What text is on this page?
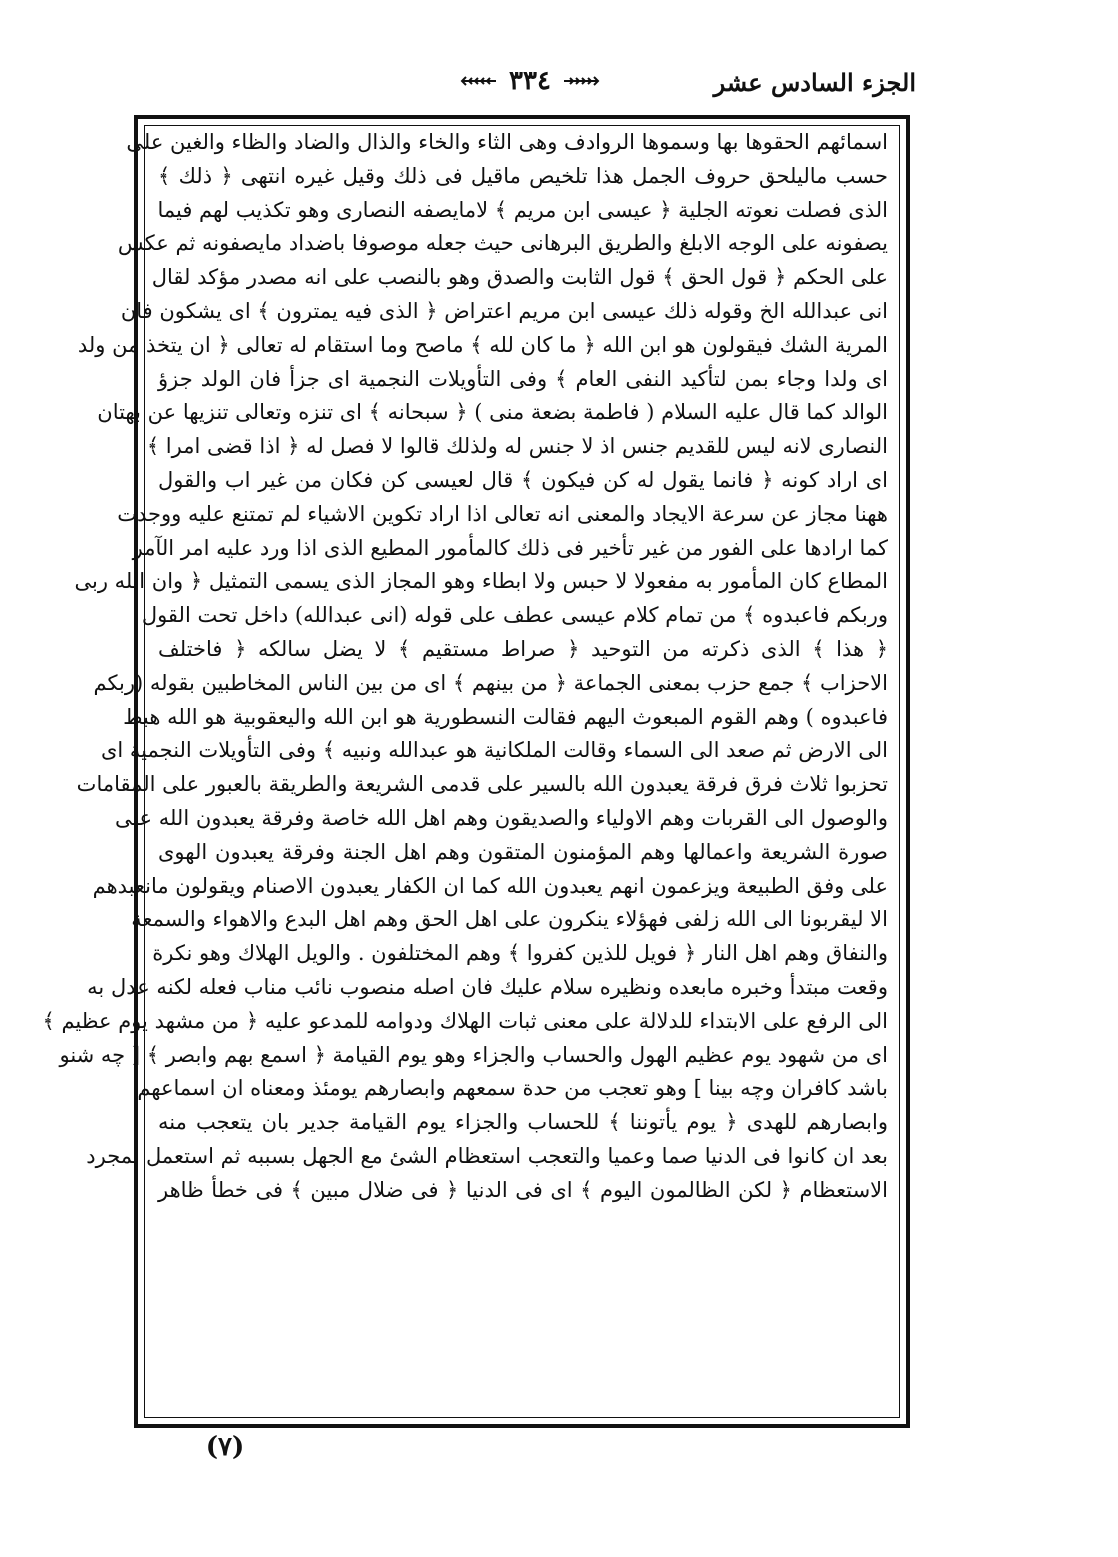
الجزء السادس عشر
٣٣٤
اسمائهم الحقوها بها وسموها الروادف وهى الثاء والخاء والذال والضاد والظاء والغين على
حسب ماليلحق حروف الجمل هذا تلخيص ماقيل فى ذلك وقيل غيره انتهى ﴿ ذلك ﴾
الذى فصلت نعوته الجلية ﴿ عيسى ابن مريم ﴾ لامايصفه النصارى وهو تكذيب لهم فيما
يصفونه على الوجه الابلغ والطريق البرهانى حيث جعله موصوفا باضداد مايصفونه ثم عكس
على الحكم ﴿ قول الحق ﴾ قول الثابت والصدق وهو بالنصب على انه مصدر مؤكد لقال
انى عبدالله الخ وقوله ذلك عيسى ابن مريم اعتراض ﴿ الذى فيه يمترون ﴾ اى يشكون فان
المرية الشك فيقولون هو ابن الله ﴿ ما كان لله ﴾ ماصح وما استقام له تعالى ﴿ ان يتخذ من ولد
اى ولدا وجاء بمن لتأكيد النفى العام ﴾ وفى التأويلات النجمية اى جزأ فان الولد جزؤ
الوالد كما قال عليه السلام ( فاطمة بضعة منى ) ﴿ سبحانه ﴾ اى تنزه وتعالى تنزيها عن بهتان
النصارى لانه ليس للقديم جنس اذ لا جنس له ولذلك قالوا لا فصل له ﴿ اذا قضى امرا ﴾
اى اراد كونه ﴿ فانما يقول له كن فيكون ﴾ قال لعيسى كن فكان من غير اب والقول
ههنا مجاز عن سرعة الايجاد والمعنى انه تعالى اذا اراد تكوين الاشياء لم تمتنع عليه ووجدت
كما ارادها على الفور من غير تأخير فى ذلك كالمأمور المطيع الذى اذا ورد عليه امر الآمر
المطاع كان المأمور به مفعولا لا حبس ولا ابطاء وهو المجاز الذى يسمى التمثيل ﴿ وان الله ربى
وربكم فاعبدوه ﴾ من تمام كلام عيسى عطف على قوله (انى عبدالله) داخل تحت القول
﴿ هذا ﴾ الذى ذكرته من التوحيد ﴿ صراط مستقيم ﴾ لا يضل سالكه ﴿ فاختلف
الاحزاب ﴾ جمع حزب بمعنى الجماعة ﴿ من بينهم ﴾ اى من بين الناس المخاطبين بقوله (ربكم
فاعبدوه ) وهم القوم المبعوث اليهم فقالت النسطورية هو ابن الله واليعقوبية هو الله هبط
الى الارض ثم صعد الى السماء وقالت الملكانية هو عبدالله ونبيه ﴾ وفى التأويلات النجمية اى
تحزبوا ثلاث فرق فرقة يعبدون الله بالسير على قدمى الشريعة والطريقة بالعبور على المقامات
والوصول الى القربات وهم الاولياء والصديقون وهم اهل الله خاصة وفرقة يعبدون الله على
صورة الشريعة واعمالها وهم المؤمنون المتقون وهم اهل الجنة وفرقة يعبدون الهوى
على وفق الطبيعة ويزعمون انهم يعبدون الله كما ان الكفار يعبدون الاصنام ويقولون مانعبدهم
الا ليقربونا الى الله زلفى فهؤلاء ينكرون على اهل الحق وهم اهل البدع والاهواء والسمعة
والنفاق وهم اهل النار ﴿ فويل للذين كفروا ﴾ وهم المختلفون . والويل الهلاك وهو نكرة
وقعت مبتدأ وخبره مابعده ونظيره سلام عليك فان اصله منصوب نائب مناب فعله لكنه عدل به
الى الرفع على الابتداء للدلالة على معنى ثبات الهلاك ودوامه للمدعو عليه ﴿ من مشهد يوم عظيم ﴾
اى من شهود يوم عظيم الهول والحساب والجزاء وهو يوم القيامة ﴿ اسمع بهم وابصر ﴾ [ چه شنو
باشد كافران وچه بينا ] وهو تعجب من حدة سمعهم وابصارهم يومئذ ومعناه ان اسماعهم
وابصارهم للهدى ﴿ يوم يأتوننا ﴾ للحساب والجزاء يوم القيامة جدير بان يتعجب منه
بعد ان كانوا فى الدنيا صما وعميا والتعجب استعظام الشئ مع الجهل بسببه ثم استعمل لمجرد
الاستعظام ﴿ لكن الظالمون اليوم ﴾ اى فى الدنيا ﴿ فى ضلال مبين ﴾ فى خطأ ظاهر
(٧)
